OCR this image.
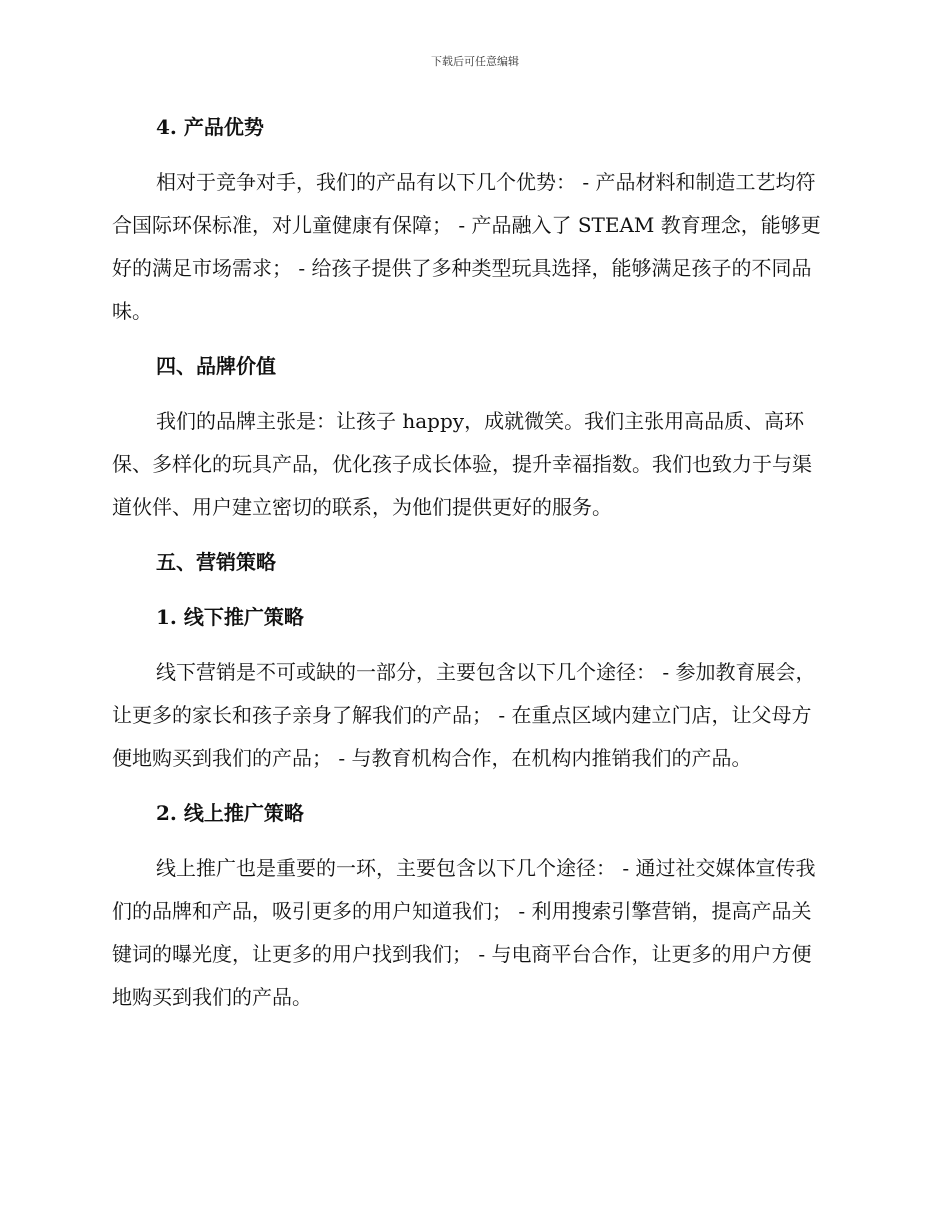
下载后可任意编辑
4. 产品优势

相对于竞争对手，我们的产品有以下几个优势： - 产品材料和制造工艺均符合国际环保标准，对儿童健康有保障； - 产品融入了 STEAM 教育理念，能够更好的满足市场需求； - 给孩子提供了多种类型玩具选择，能够满足孩子的不同品味。

四、品牌价值

我们的品牌主张是：让孩子 happy，成就微笑。我们主张用高品质、高环保、多样化的玩具产品，优化孩子成长体验，提升幸福指数。我们也致力于与渠道伙伴、用户建立密切的联系，为他们提供更好的服务。

五、营销策略
1. 线下推广策略

线下营销是不可或缺的一部分，主要包含以下几个途径： - 参加教育展会，让更多的家长和孩子亲身了解我们的产品； - 在重点区域内建立门店，让父母方便地购买到我们的产品； - 与教育机构合作，在机构内推销我们的产品。

2. 线上推广策略

线上推广也是重要的一环，主要包含以下几个途径： - 通过社交媒体宣传我们的品牌和产品，吸引更多的用户知道我们； - 利用搜索引擎营销，提高产品关键词的曝光度，让更多的用户找到我们； - 与电商平台合作，让更多的用户方便地购买到我们的产品。
